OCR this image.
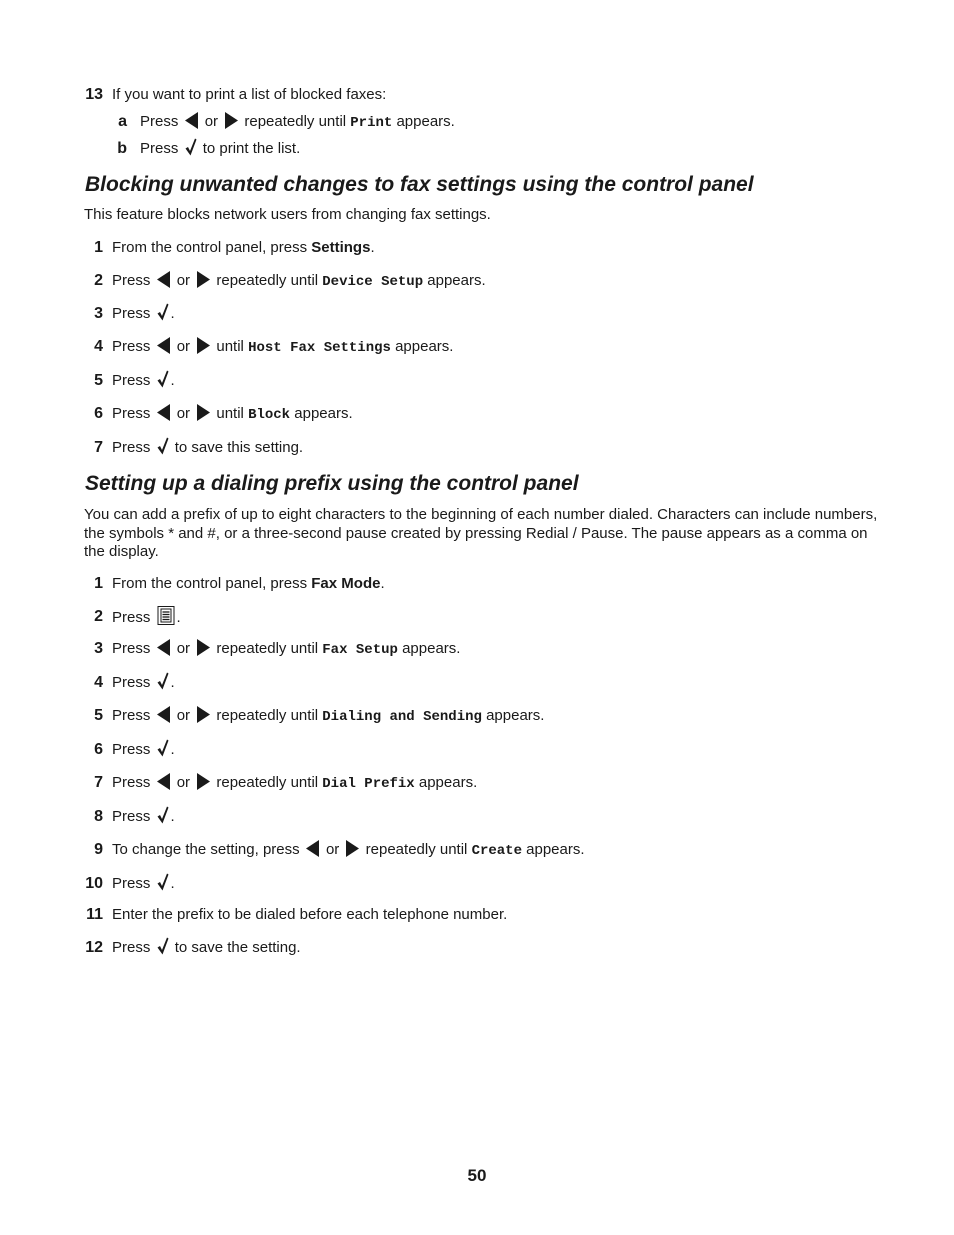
13 If you want to print a list of blocked faxes:
a Press or repeatedly until Print appears.
b Press to print the list.
Blocking unwanted changes to fax settings using the control panel

This feature blocks network users from changing fax settings.

1 From the control panel, press Settings.
2 Press or repeatedly until Device Setup appears.
3 Press .
4 Press or until Host Fax Settings appears.
5 Press .
6 Press or until Block appears.
7 Press to save this setting.
Setting up a dialing prefix using the control panel

You can add a prefix of up to eight characters to the beginning of each number dialed. Characters can include numbers, the symbols * and #, or a three-second pause created by pressing Redial / Pause. The pause appears as a comma on the display.

1 From the control panel, press Fax Mode.
2 Press .
3 Press or repeatedly until Fax Setup appears.
4 Press .
5 Press or repeatedly until Dialing and Sending appears.
6 Press .
7 Press or repeatedly until Dial Prefix appears.
8 Press .
9 To change the setting, press or repeatedly until Create appears.
10 Press .
11 Enter the prefix to be dialed before each telephone number.
12 Press to save the setting.
50
